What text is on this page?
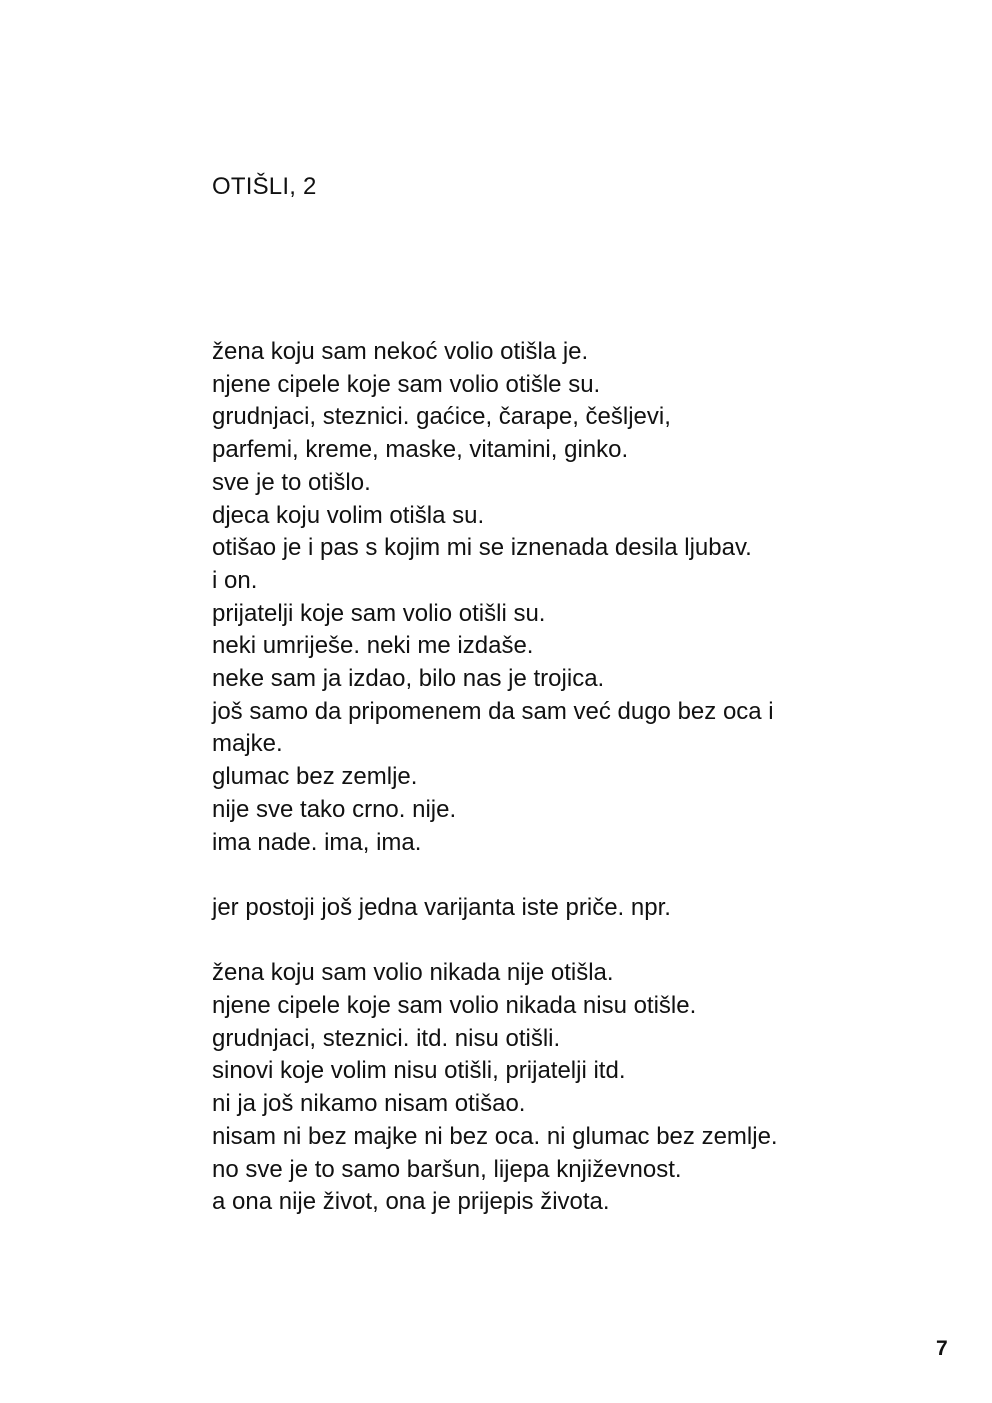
OTIŠLI, 2
žena koju sam nekoć volio otišla je.
njene cipele koje sam volio otišle su.
grudnjaci, steznici. gaćice, čarape, češljevi,
parfemi, kreme, maske, vitamini, ginko.
sve je to otišlo.
djeca koju volim otišla su.
otišao je i pas s kojim mi se iznenada desila ljubav.
i on.
prijatelji koje sam volio otišli su.
neki umriješe. neki me izdaše.
neke sam ja izdao, bilo nas je trojica.
još samo da pripomenem da sam već dugo bez oca i
majke.
glumac bez zemlje.
nije sve tako crno. nije.
ima nade. ima, ima.
jer postoji još jedna varijanta iste priče. npr.
žena koju sam volio nikada nije otišla.
njene cipele koje sam volio nikada nisu otišle.
grudnjaci, steznici. itd. nisu otišli.
sinovi koje volim nisu otišli, prijatelji itd.
ni ja još nikamo nisam otišao.
nisam ni bez majke ni bez oca. ni glumac bez zemlje.
no sve je to samo baršun, lijepa književnost.
a ona nije život, ona je prijepis života.
7
